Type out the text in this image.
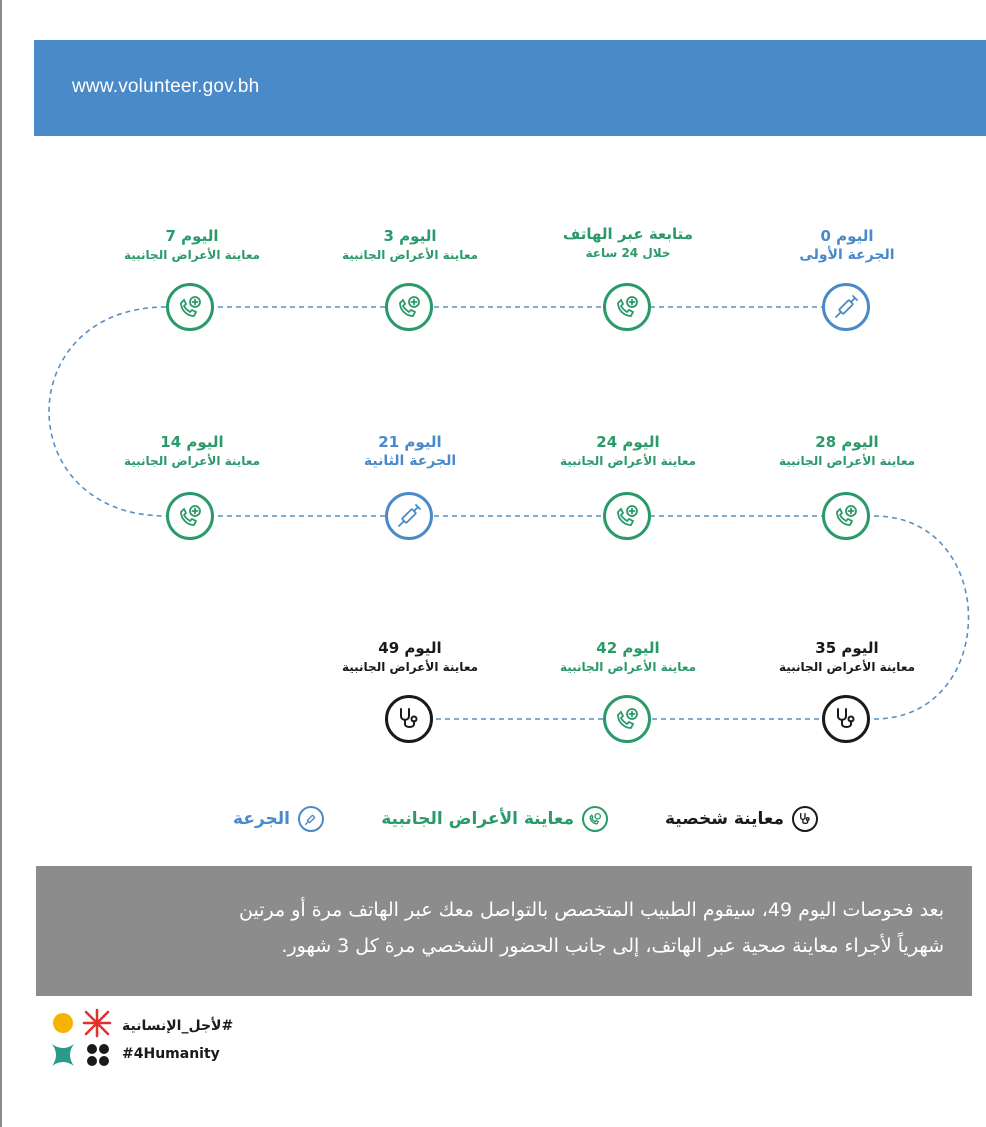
www.volunteer.gov.bh
اليوم 0
الجرعة الأولى
متابعة عبر الهاتف
خلال 24 ساعة
اليوم 3
معاينة الأعراض الجانبية
اليوم 7
معاينة الأعراض الجانبية
اليوم 28
معاينة الأعراض الجانبية
اليوم 24
معاينة الأعراض الجانبية
اليوم 21
الجرعة الثانية
اليوم 14
معاينة الأعراض الجانبية
اليوم 35
معاينة الأعراض الجانبية
اليوم 42
معاينة الأعراض الجانبية
اليوم 49
معاينة الأعراض الجانبية
معاينة شخصية
معاينة الأعراض الجانبية
الجرعة

بعد فحوصات اليوم 49، سيقوم الطبيب المتخصص بالتواصل معك عبر الهاتف مرة أو مرتين
شهرياً لأجراء معاينة صحية عبر الهاتف، إلى جانب الحضور الشخصي مرة كل 3 شهور.

#لأجل_الإنسانية
#4Humanity
